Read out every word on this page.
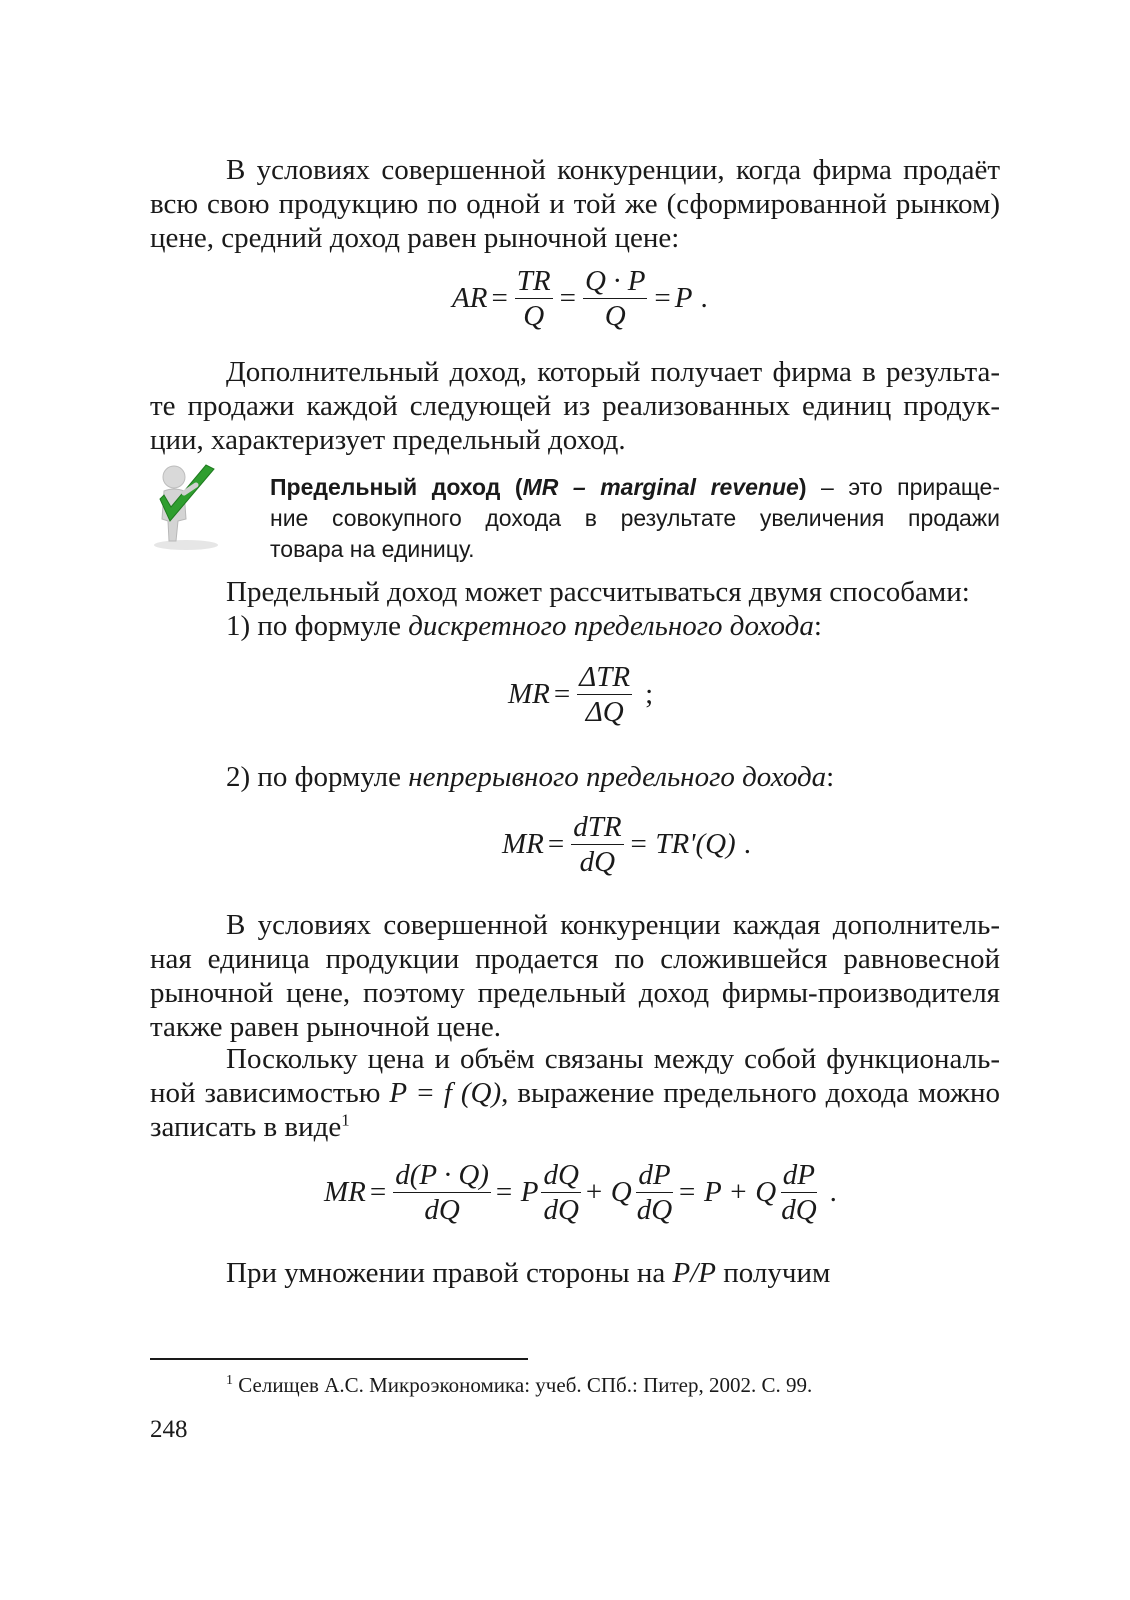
В условиях совершенной конкуренции, когда фирма продаёт
всю свою продукцию по одной и той же (сформированной рынком)
цене, средний доход равен рыночной цене:
AR = $\frac{TR}{Q} = \frac{Q \cdot P}{Q} = P$ .
Дополнительный доход, который получает фирма в результа-
те продажи каждой следующей из реализованных единиц продук-
ции, характеризует предельный доход.
Предельный доход (MR – marginal revenue) – это прираще-
ние совокупного дохода в результате увеличения продажи
товара на единицу.
Предельный доход может рассчитываться двумя способами:
1) по формуле дискретного предельного дохода:
MR = $\frac{\text{ΔTR}}{\Delta Q}$ ;
2) по формуле непрерывного предельного дохода:
MR = $\frac{\text{dTR}}{dQ} = TR'(Q)$ .
В условиях совершенной конкуренции каждая дополнитель-
ная единица продукции продается по сложившейся равновесной
рыночной цене, поэтому предельный доход фирмы-производителя
также равен рыночной цене.
Поскольку цена и объём связаны между собой функциональ-
ной зависимостью P = f (Q), выражение предельного дохода можно
записать в виде$^1$
MR = $\frac{d(P \cdot Q)}{dQ} = P \frac{dQ}{dQ} + Q \frac{dP}{dQ} = P + Q \frac{dP}{dQ}$ .
При умножении правой стороны на P/P получим
$^1$ Селищев А.С. Микроэкономика: учеб. СПб.: Питер, 2002. С. 99.
248
